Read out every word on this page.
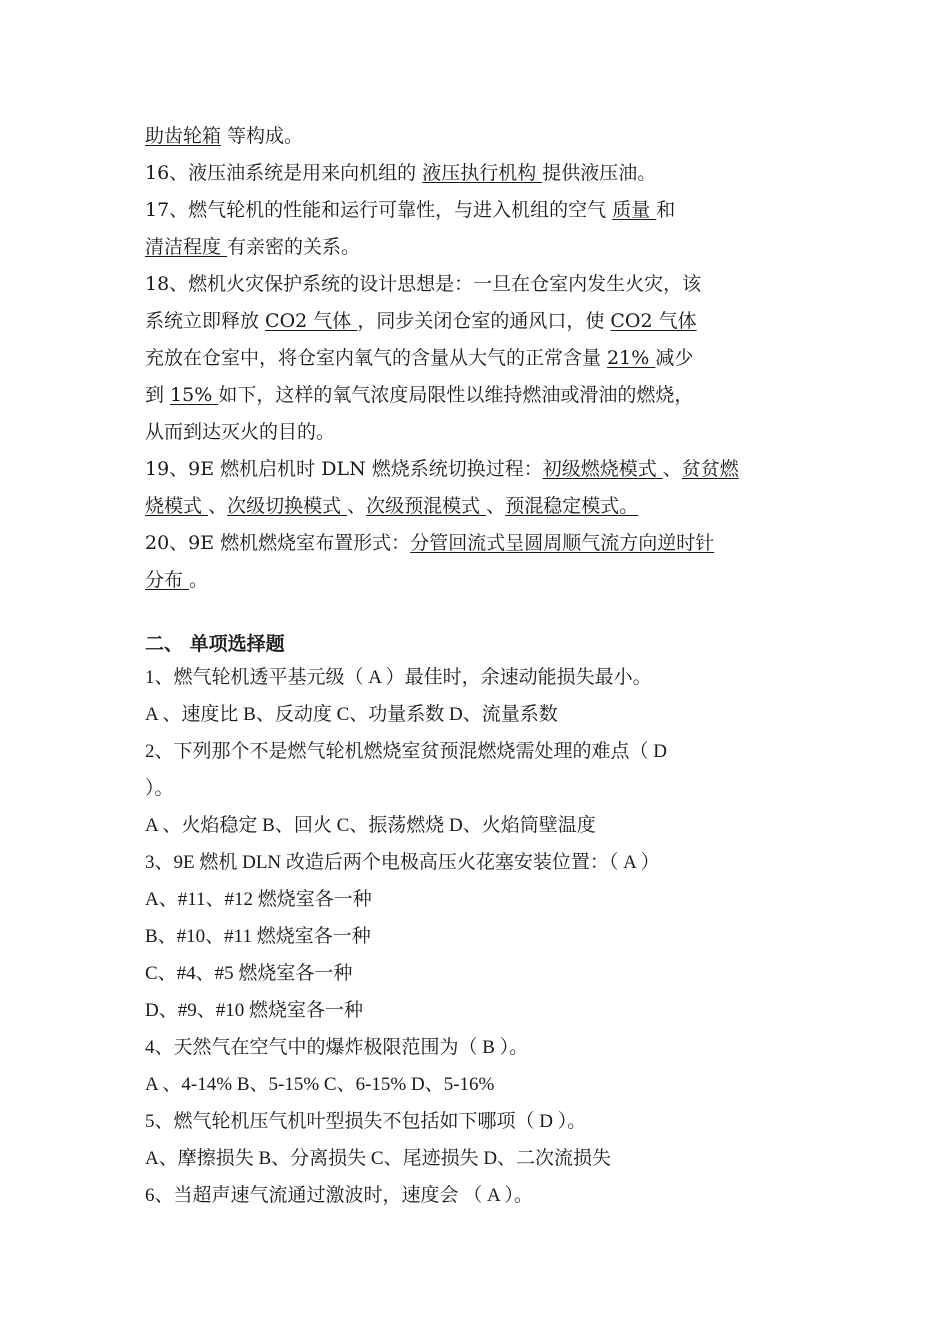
助齿轮箱 等构成。
16、液压油系统是用来向机组的 液压执行机构 提供液压油。
17、燃气轮机的性能和运行可靠性，与进入机组的空气 质量 和
清洁程度 有亲密的关系。
18、燃机火灾保护系统的设计思想是：一旦在仓室内发生火灾，该
系统立即释放 CO2 气体 ，同步关闭仓室的通风口，使 CO2 气体
充放在仓室中，将仓室内氧气的含量从大气的正常含量 21% 减少
到 15% 如下，这样的氧气浓度局限性以维持燃油或滑油的燃烧，
从而到达灭火的目的。
19、9E 燃机启机时 DLN 燃烧系统切换过程：初级燃烧模式 、贫贫燃
烧模式 、次级切换模式 、次级预混模式 、预混稳定模式。
20、9E 燃机燃烧室布置形式：分管回流式呈圆周顺气流方向逆时针
分布 。
二、 单项选择题
1、燃气轮机透平基元级（ A ）最佳时，余速动能损失最小。
A 、速度比 B、反动度 C、功量系数 D、流量系数
2、下列那个不是燃气轮机燃烧室贫预混燃烧需处理的难点（ D
）。
A 、火焰稳定 B、回火 C、振荡燃烧 D、火焰筒壁温度
3、9E 燃机 DLN 改造后两个电极高压火花塞安装位置：（ A ）
A、#11、#12 燃烧室各一种
B、#10、#11 燃烧室各一种
C、#4、#5 燃烧室各一种
D、#9、#10 燃烧室各一种
4、天然气在空气中的爆炸极限范围为（ B ）。
A 、4-14% B、5-15% C、6-15% D、5-16%
5、燃气轮机压气机叶型损失不包括如下哪项（ D ）。
A、摩擦损失 B、分离损失 C、尾迹损失 D、二次流损失
6、当超声速气流通过激波时，速度会 （ A ）。
